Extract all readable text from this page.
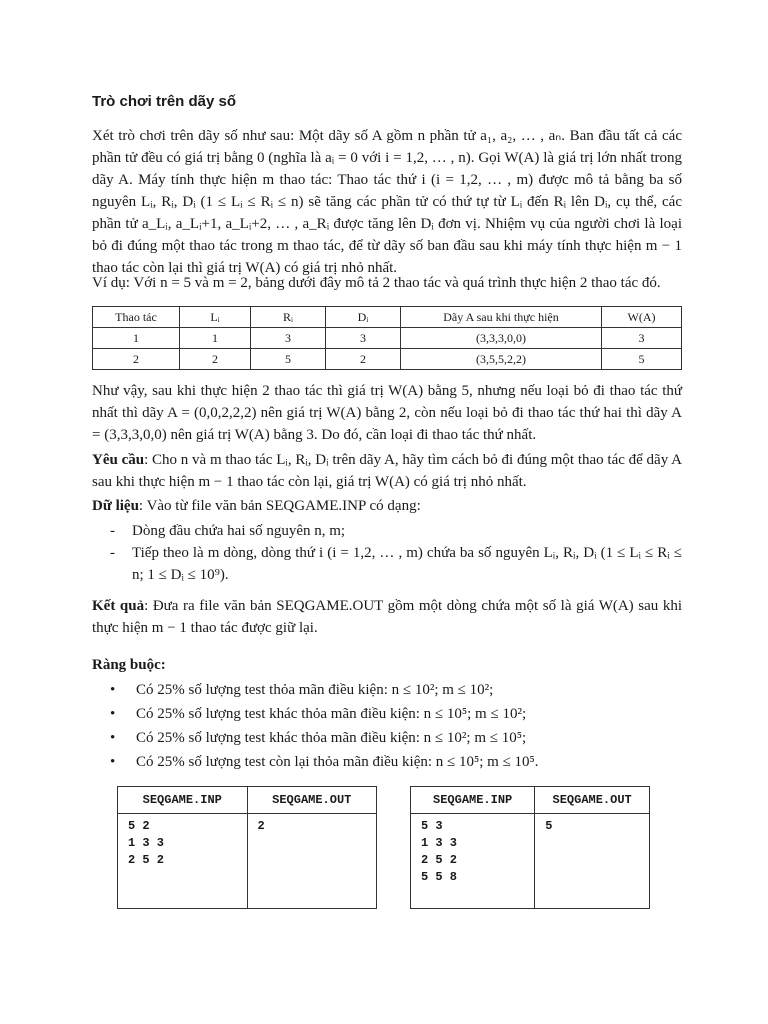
Trò chơi trên dãy số
Xét trò chơi trên dãy số như sau: Một dãy số A gồm n phần tử a₁, a₂, … , aₙ. Ban đầu tất cả các phần tử đều có giá trị bằng 0 (nghĩa là aᵢ = 0 với i = 1,2, … , n). Gọi W(A) là giá trị lớn nhất trong dãy A. Máy tính thực hiện m thao tác: Thao tác thứ i (i = 1,2, … , m) được mô tả bằng ba số nguyên Lᵢ, Rᵢ, Dᵢ (1 ≤ Lᵢ ≤ Rᵢ ≤ n) sẽ tăng các phần tử có thứ tự từ Lᵢ đến Rᵢ lên Dᵢ, cụ thể, các phần tử a_Lᵢ, a_Lᵢ+1, a_Lᵢ+2, … , a_Rᵢ được tăng lên Dᵢ đơn vị. Nhiệm vụ của người chơi là loại bỏ đi đúng một thao tác trong m thao tác, để từ dãy số ban đầu sau khi máy tính thực hiện m − 1 thao tác còn lại thì giá trị W(A) có giá trị nhỏ nhất.
Ví dụ: Với n = 5 và m = 2, bảng dưới đây mô tả 2 thao tác và quá trình thực hiện 2 thao tác đó.
Thao tác	Lᵢ	Rᵢ	Dᵢ	Dãy A sau khi thực hiện	W(A)
1	1	3	3	(3,3,3,0,0)	3
2	2	5	2	(3,5,5,2,2)	5
Như vậy, sau khi thực hiện 2 thao tác thì giá trị W(A) bằng 5, nhưng nếu loại bỏ đi thao tác thứ nhất thì dãy A = (0,0,2,2,2) nên giá trị W(A) bằng 2, còn nếu loại bỏ đi thao tác thứ hai thì dãy A = (3,3,3,0,0) nên giá trị W(A) bằng 3. Do đó, cần loại đi thao tác thứ nhất.
Yêu cầu: Cho n và m thao tác Lᵢ, Rᵢ, Dᵢ trên dãy A, hãy tìm cách bỏ đi đúng một thao tác để dãy A sau khi thực hiện m − 1 thao tác còn lại, giá trị W(A) có giá trị nhỏ nhất.
Dữ liệu: Vào từ file văn bản SEQGAME.INP có dạng:
- Dòng đầu chứa hai số nguyên n, m;
- Tiếp theo là m dòng, dòng thứ i (i = 1,2, … , m) chứa ba số nguyên Lᵢ, Rᵢ, Dᵢ (1 ≤ Lᵢ ≤ Rᵢ ≤ n; 1 ≤ Dᵢ ≤ 10⁹).
Kết quả: Đưa ra file văn bản SEQGAME.OUT gồm một dòng chứa một số là giá W(A) sau khi thực hiện m − 1 thao tác được giữ lại.
Ràng buộc:
• Có 25% số lượng test thỏa mãn điều kiện: n ≤ 10²; m ≤ 10²;
• Có 25% số lượng test khác thỏa mãn điều kiện: n ≤ 10⁵; m ≤ 10²;
• Có 25% số lượng test khác thỏa mãn điều kiện: n ≤ 10²; m ≤ 10⁵;
• Có 25% số lượng test còn lại thỏa mãn điều kiện: n ≤ 10⁵; m ≤ 10⁵.
SEQGAME.INP	SEQGAME.OUT
5 2
1 3 3
2 5 2	2
SEQGAME.INP	SEQGAME.OUT
5 3
1 3 3
2 5 2
5 5 8	5
